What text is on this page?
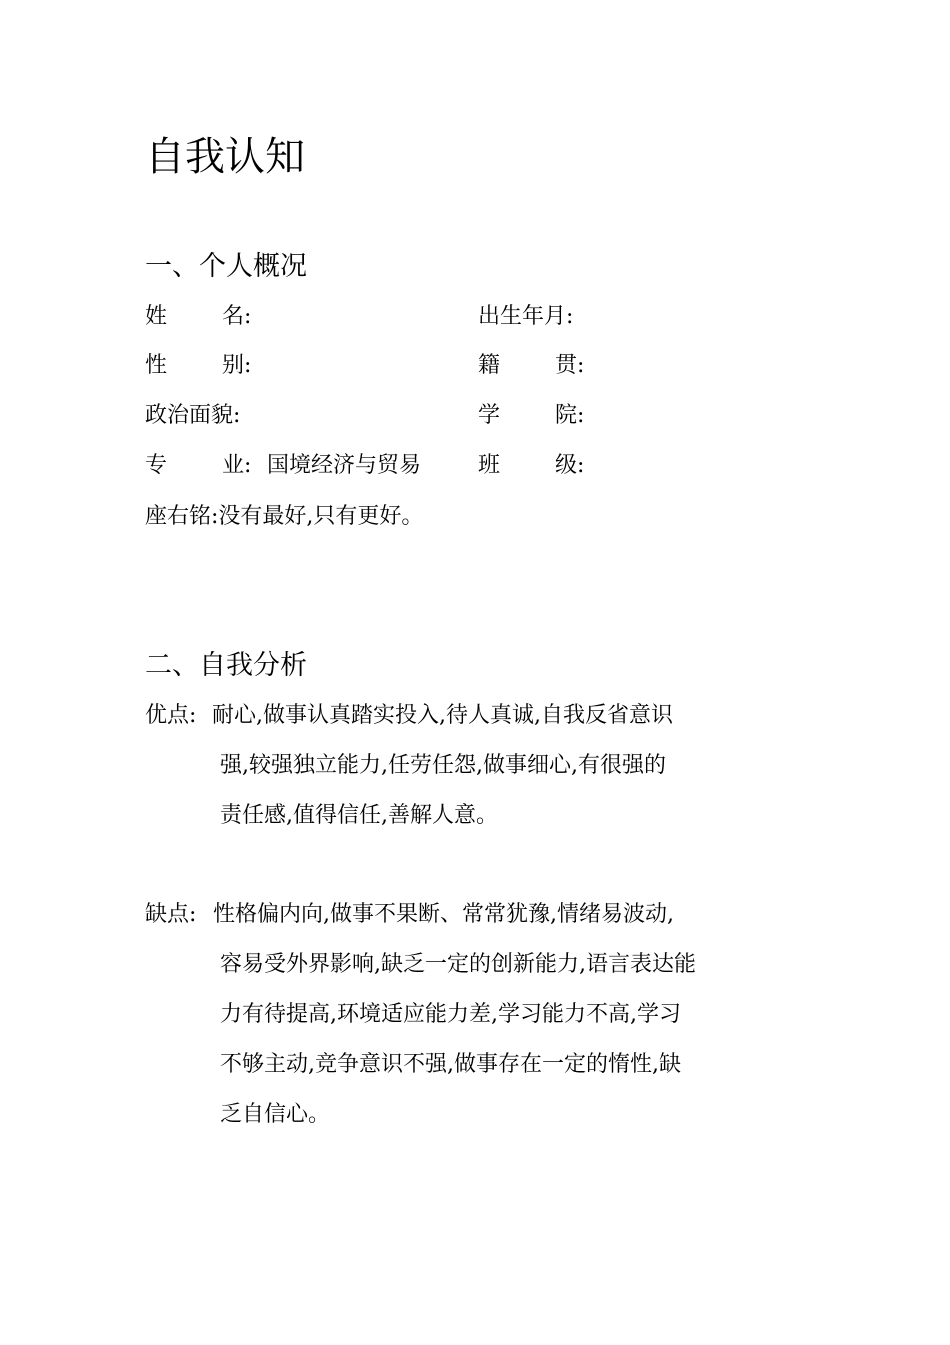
自我认知
一、个人概况
姓 名:	出生年月:
性 别:	籍 贯:
政治面貌:	学 院:
专 业: 国境经济与贸易	班 级:
座右铭:没有最好,只有更好。
二、自我分析
优点: 耐心,做事认真踏实投入,待人真诚,自我反省意识
强,较强独立能力,任劳任怨,做事细心,有很强的
责任感,值得信任,善解人意。
缺点: 性格偏内向,做事不果断、常常犹豫,情绪易波动,
容易受外界影响,缺乏一定的创新能力,语言表达能
力有待提高,环境适应能力差,学习能力不高,学习
不够主动,竞争意识不强,做事存在一定的惰性,缺
乏自信心。
